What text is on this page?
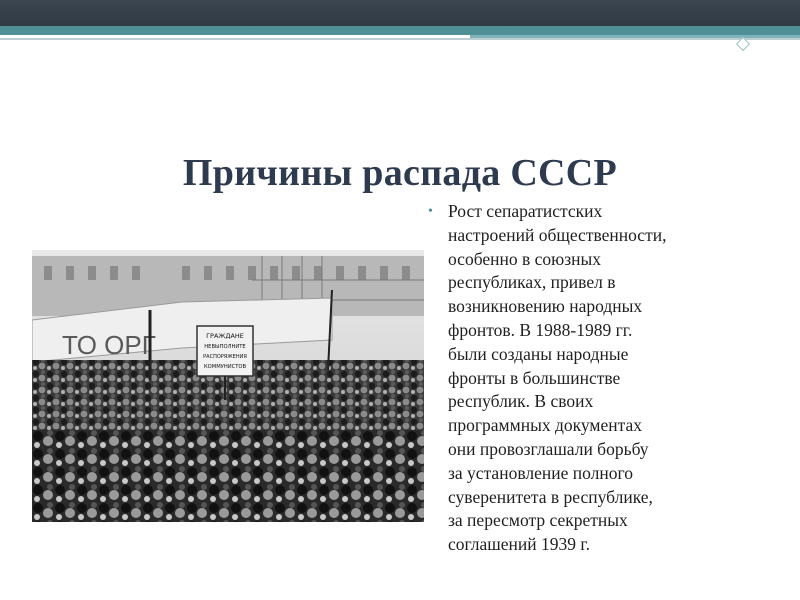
Причины распада СССР
ТО ОРГ	ГРАЖДАНЕ
НЕВЫПОЛНИТЕ
РАСПОРЯЖЕНИЯ
КОММУНИСТОВ
• Рост сепаратистских
настроений общественности,
особенно в союзных
республиках, привел в
возникновению народных
фронтов. В 1988-1989 гг.
были созданы народные
фронты в большинстве
республик. В своих
программных документах
они провозглашали борьбу
за установление полного
суверенитета в республике,
за пересмотр секретных
соглашений 1939 г.
